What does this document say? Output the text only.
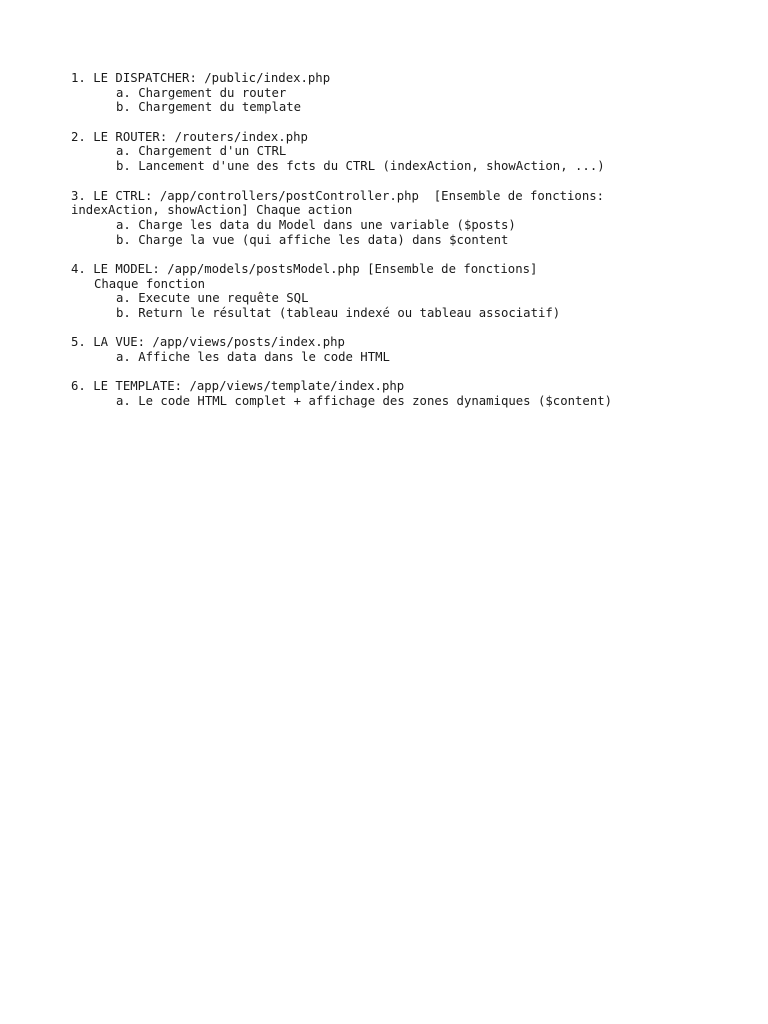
1. LE DISPATCHER: /public/index.php
a. Chargement du router
b. Chargement du template
2. LE ROUTER: /routers/index.php
a. Chargement d'un CTRL
b. Lancement d'une des fcts du CTRL (indexAction, showAction, ...)
3. LE CTRL: /app/controllers/postController.php  [Ensemble de fonctions:
indexAction, showAction] Chaque action
a. Charge les data du Model dans une variable ($posts)
b. Charge la vue (qui affiche les data) dans $content
4. LE MODEL: /app/models/postsModel.php [Ensemble de fonctions]
Chaque fonction
a. Execute une requête SQL
b. Return le résultat (tableau indexé ou tableau associatif)
5. LA VUE: /app/views/posts/index.php
a. Affiche les data dans le code HTML
6. LE TEMPLATE: /app/views/template/index.php
a. Le code HTML complet + affichage des zones dynamiques ($content)
